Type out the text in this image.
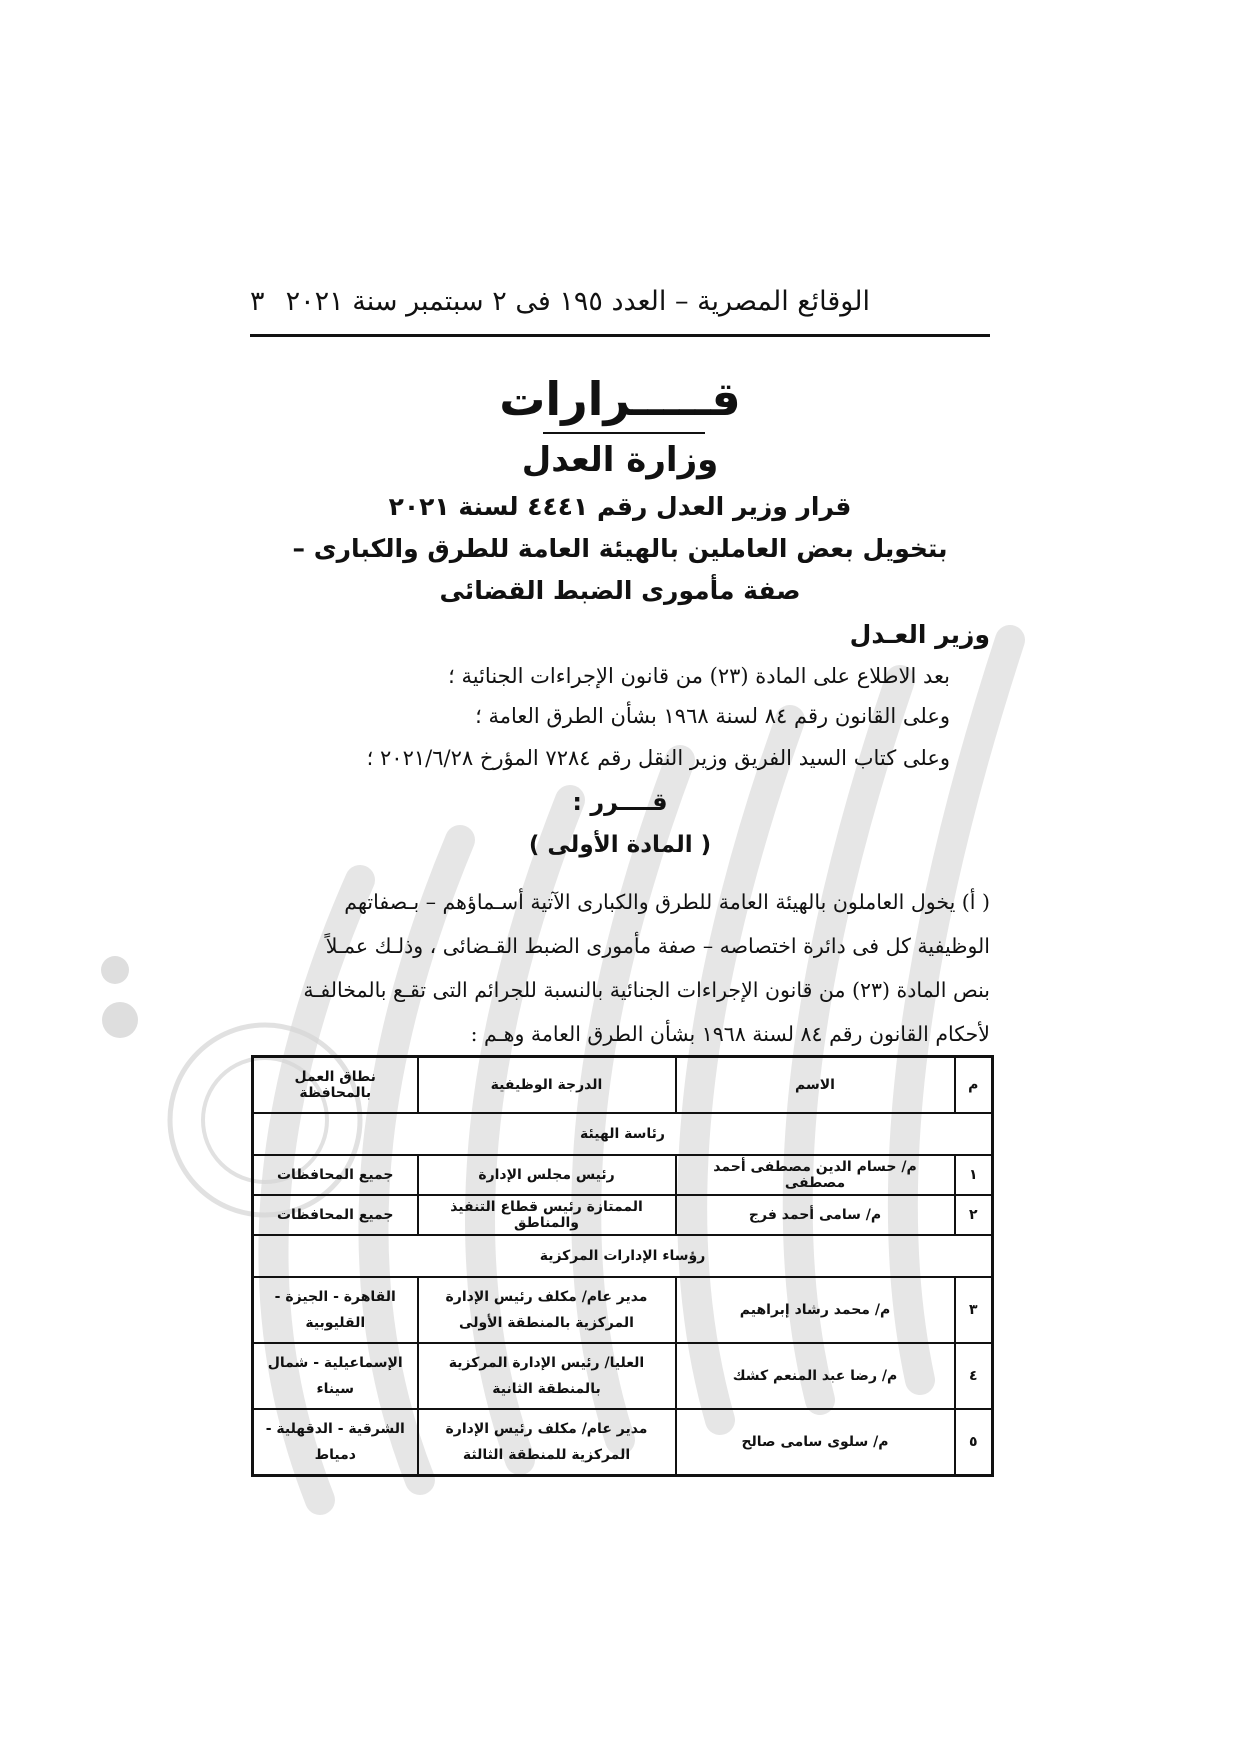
الوقائع المصرية – العدد ١٩٥ فى ٢ سبتمبر سنة ٢٠٢١
٣
قـــــرارات
وزارة العدل
قرار وزير العدل رقم ٤٤٤١ لسنة ٢٠٢١
بتخويل بعض العاملين بالهيئة العامة للطرق والكبارى –
صفة مأمورى الضبط القضائى
وزير العـدل
بعد الاطلاع على المادة (٢٣) من قانون الإجراءات الجنائية ؛
وعلى القانون رقم ٨٤ لسنة ١٩٦٨ بشأن الطرق العامة ؛
وعلى كتاب السيد الفريق وزير النقل رقم ٧٢٨٤ المؤرخ ٢٠٢١/٦/٢٨ ؛
قــــرر :
( المادة الأولى )
( أ) يخول العاملون بالهيئة العامة للطرق والكبارى الآتية أسـماؤهم – بـصفاتهم
الوظيفية كل فى دائرة اختصاصه – صفة مأمورى الضبط القـضائى ، وذلـك عمـلاً
بنص المادة (٢٣) من قانون الإجراءات الجنائية بالنسبة للجرائم التى تقـع بالمخالفـة
لأحكام القانون رقم ٨٤ لسنة ١٩٦٨ بشأن الطرق العامة وهـم :
م	الاسم	الدرجة الوظيفية	نطاق العمل بالمحافظة
رئاسة الهيئة			
١	م/ حسام الدين مصطفى أحمد مصطفى	رئيس مجلس الإدارة	جميع المحافظات
٢	م/ سامى أحمد فرج	الممتازة رئيس قطاع التنفيذ والمناطق	جميع المحافظات
رؤساء الإدارات المركزية			
٣	م/ محمد رشاد إبراهيم	مدير عام/ مكلف رئيس الإدارة المركزية بالمنطقة الأولى	القاهرة - الجيزة - القليوبية
٤	م/ رضا عبد المنعم كشك	العليا/ رئيس الإدارة المركزية بالمنطقة الثانية	الإسماعيلية - شمال سيناء
٥	م/ سلوى سامى صالح	مدير عام/ مكلف رئيس الإدارة المركزية للمنطقة الثالثة	الشرقية - الدقهلية - دمياط
